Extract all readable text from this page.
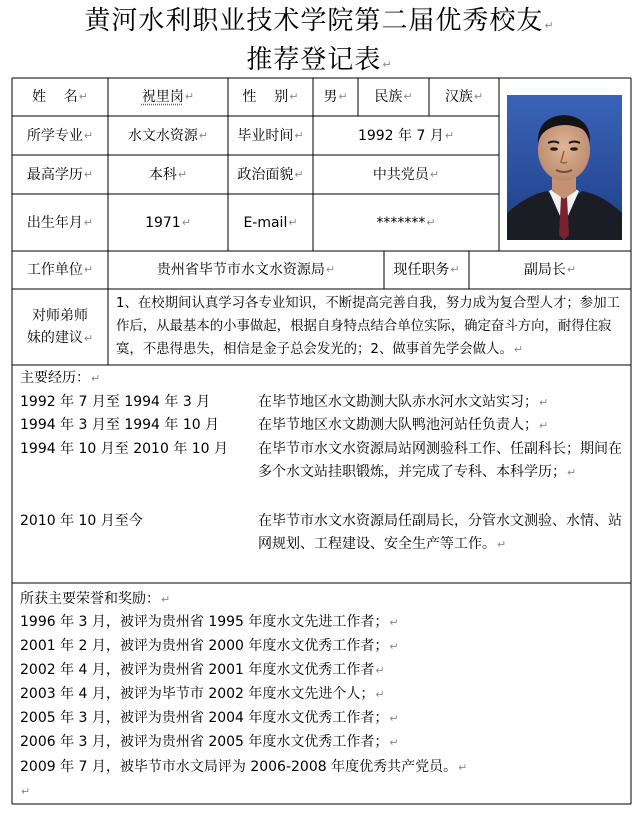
黄河水利职业技术学院第二届优秀校友↵
推荐登记表↵
姓    名 ↵	祝里岗 ↵	性    别 ↵ 男 ↵ 民族 ↵ 汉族 ↵
所学专业 ↵ 水文水资源 ↵ 毕业时间 ↵	1992 年 7 月 ↵
最高学历 ↵	本科 ↵	政治面貌 ↵	中共党员 ↵
出生年月 ↵	1971 ↵	E-mail ↵	******* ↵
工作单位 ↵	贵州省毕节市水文水资源局 ↵	现任职务 ↵	副局长 ↵
对师弟师妹的建议↵
1、在校期间认真学习各专业知识，不断提高完善自我，努力成为复合型人才；参加工作后，从最基本的小事做起，根据自身特点结合单位实际，确定奋斗方向，耐得住寂寞，不患得患失，相信是金子总会发光的；2、做事首先学会做人。↵
主要经历：↵
1992 年 7 月至 1994 年 3 月	在毕节地区水文勘测大队赤水河水文站实习；↵
1994 年 3 月至 1994 年 10 月	在毕节地区水文勘测大队鸭池河站任负责人；↵
1994 年 10 月至 2010 年 10 月 在毕节市水文水资源局站网测验科工作、任副科长；期间在多个水文站挂职锻炼，并完成了专科、本科学历；↵
2010 年 10 月至今	在毕节市水文水资源局任副局长，分管水文测验、水情、站网规划、工程建设、安全生产等工作。↵
所获主要荣誉和奖励：↵
1996 年 3 月，被评为贵州省 1995 年度水文先进工作者；↵
2001 年 2 月，被评为贵州省 2000 年度水文优秀工作者；↵
2002 年 4 月，被评为贵州省 2001 年度水文优秀工作者↵
2003 年 4 月，被评为毕节市 2002 年度水文先进个人；↵
2005 年 3 月，被评为贵州省 2004 年度水文优秀工作者；↵
2006 年 3 月，被评为贵州省 2005 年度水文优秀工作者；↵
2009 年 7 月，被毕节市水文局评为 2006-2008 年度优秀共产党员。↵
↵
